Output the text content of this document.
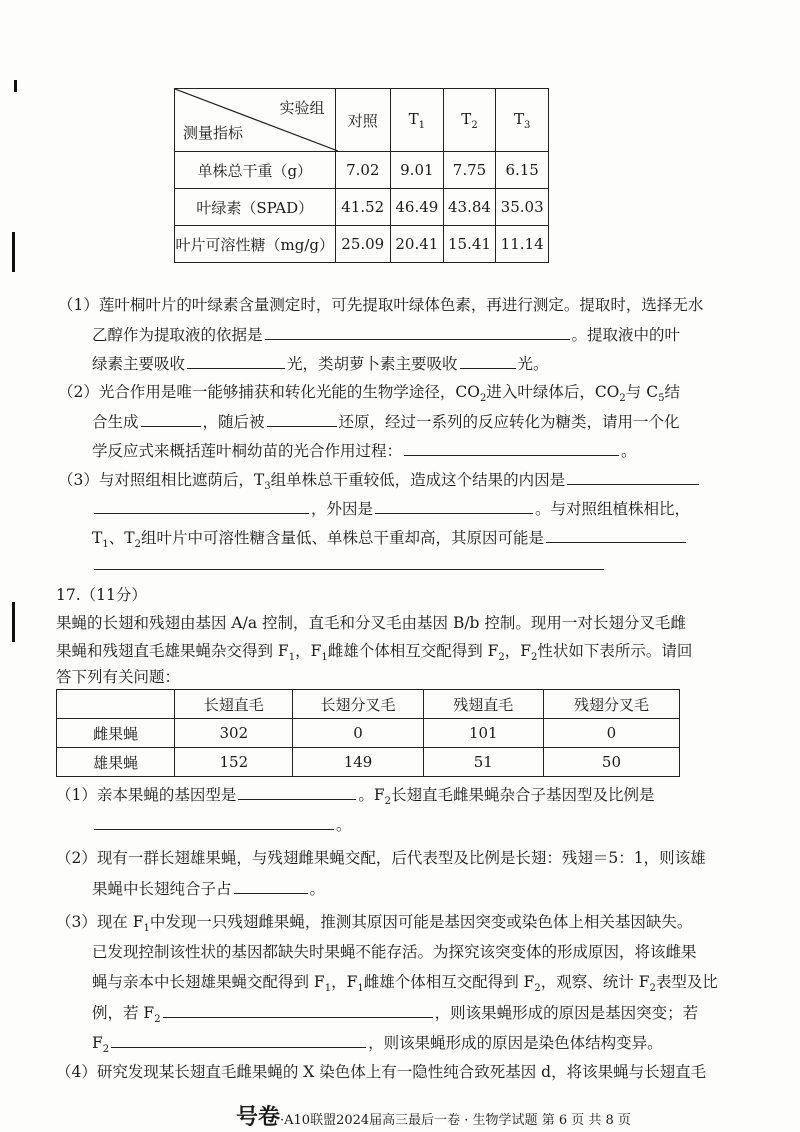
实验组
测量指标	对照	$T_1$	$T_2$	$T_3$
单株总干重（g）	7.02	9.01	7.75	6.15
叶绿素（SPAD）	41.52	46.49	43.84	35.03
叶片可溶性糖（mg/g）	25.09	20.41	15.41	11.14
（1）莲叶桐叶片的叶绿素含量测定时，可先提取叶绿体色素，再进行测定。提取时，选择无水
乙醇作为提取液的依据是	。提取液中的叶
绿素主要吸收	光，类胡萝卜素主要吸收	光。
（2）光合作用是唯一能够捕获和转化光能的生物学途径，$CO_2$进入叶绿体后，$CO_2$与 $C_5$结
合生成	，随后被	还原，经过一系列的反应转化为糖类，请用一个化
学反应式来概括莲叶桐幼苗的光合作用过程：	。
（3）与对照组相比遮荫后，$T_3$组单株总干重较低，造成这个结果的内因是
，外因是	。与对照组植株相比，
$T_1$、$T_2$组叶片中可溶性糖含量低、单株总干重却高，其原因可能是
17.（11分）
果蝇的长翅和残翅由基因 A/a 控制，直毛和分叉毛由基因 B/b 控制。现用一对长翅分叉毛雌
果蝇和残翅直毛雄果蝇杂交得到 $F_1$，$F_1$雌雄个体相互交配得到 $F_2$，$F_2$性状如下表所示。请回
答下列有关问题：
	长翅直毛	长翅分叉毛	残翅直毛	残翅分叉毛
雌果蝇	302	0	101	0
雄果蝇	152	149	51	50
（1）亲本果蝇的基因型是	。$F_2$长翅直毛雌果蝇杂合子基因型及比例是
。
（2）现有一群长翅雄果蝇，与残翅雌果蝇交配，后代表型及比例是长翅：残翅＝5：1，则该雄
果蝇中长翅纯合子占	。
（3）现在 $F_1$中发现一只残翅雌果蝇，推测其原因可能是基因突变或染色体上相关基因缺失。
已发现控制该性状的基因都缺失时果蝇不能存活。为探究该突变体的形成原因，将该雌果
蝇与亲本中长翅雄果蝇交配得到 $F_1$，$F_1$雌雄个体相互交配得到 $F_2$，观察、统计 $F_2$表型及比
例，若 $F_2$	，则该果蝇形成的原因是基因突变；若
$F_2$	，则该果蝇形成的原因是染色体结构变异。
（4）研究发现某长翅直毛雌果蝇的 X 染色体上有一隐性纯合致死基因 d，将该果蝇与长翅直毛
号卷·A10联盟2024届高三最后一卷 · 生物学试题 第 6 页 共 8 页
